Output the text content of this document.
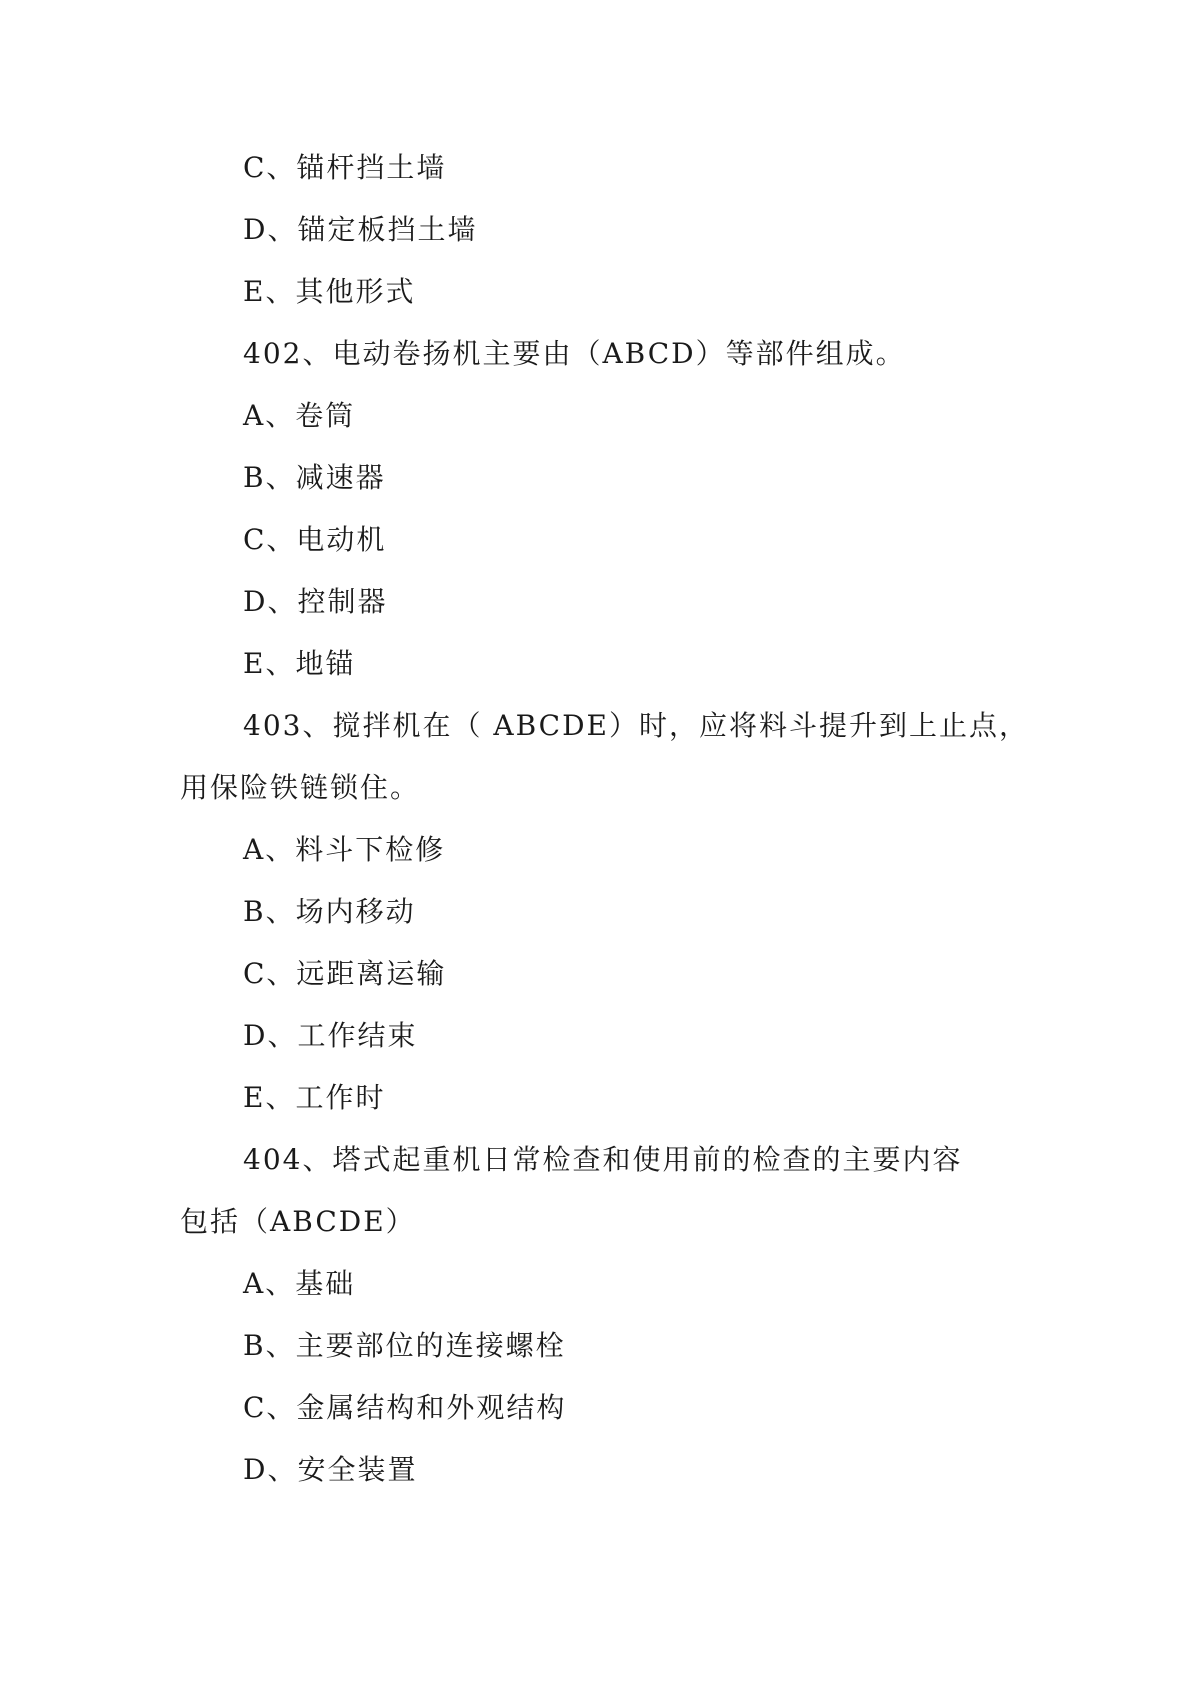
C、锚杆挡土墙
D、锚定板挡土墙
E、其他形式
402、电动卷扬机主要由（ABCD）等部件组成。
A、卷筒
B、减速器
C、电动机
D、控制器
E、地锚
403、搅拌机在（ ABCDE）时，应将料斗提升到上止点，
用保险铁链锁住。
A、料斗下检修
B、场内移动
C、远距离运输
D、工作结束
E、工作时
404、塔式起重机日常检查和使用前的检查的主要内容
包括（ABCDE）
A、基础
B、主要部位的连接螺栓
C、金属结构和外观结构
D、安全装置
